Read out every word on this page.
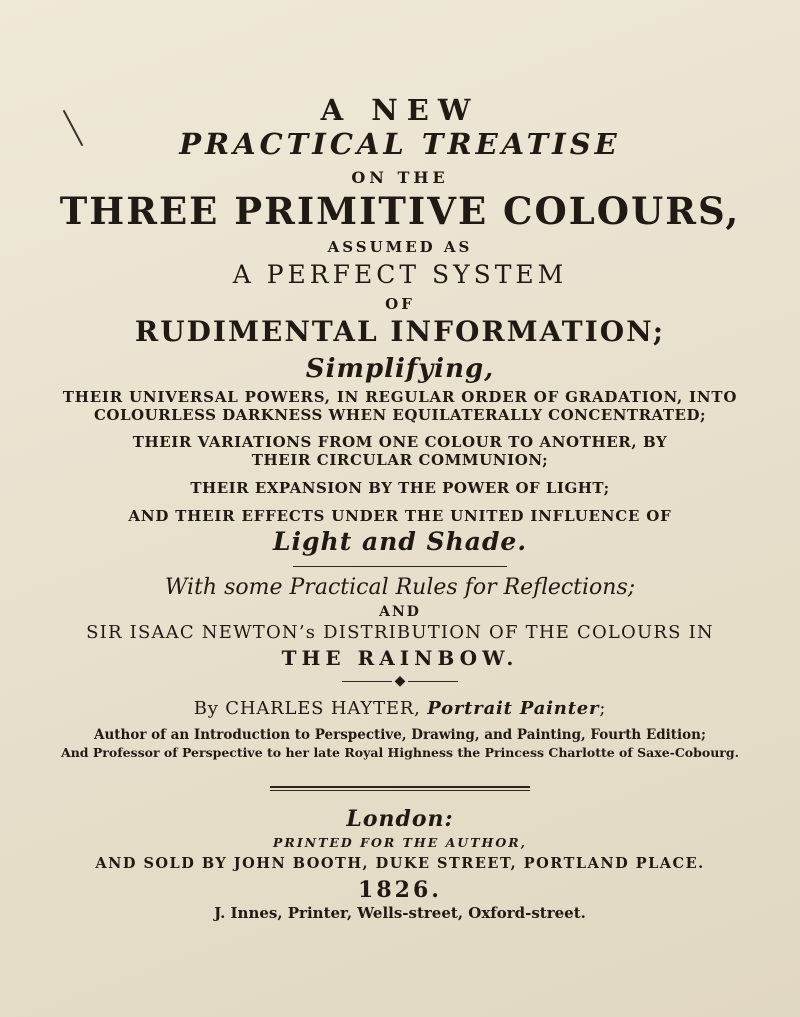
A NEW
PRACTICAL TREATISE
ON THE
THREE PRIMITIVE COLOURS,
ASSUMED AS
A PERFECT SYSTEM
OF
RUDIMENTAL INFORMATION;
Simplifying,
THEIR UNIVERSAL POWERS, IN REGULAR ORDER OF GRADATION, INTO
COLOURLESS DARKNESS WHEN EQUILATERALLY CONCENTRATED;
THEIR VARIATIONS FROM ONE COLOUR TO ANOTHER, BY
THEIR CIRCULAR COMMUNION;
THEIR EXPANSION BY THE POWER OF LIGHT;
AND THEIR EFFECTS UNDER THE UNITED INFLUENCE OF
Light and Shade.
With some Practical Rules for Reflections;
AND
SIR ISAAC NEWTON’s DISTRIBUTION OF THE COLOURS IN
THE RAINBOW.
◆
By CHARLES HAYTER, Portrait Painter;
Author of an Introduction to Perspective, Drawing, and Painting, Fourth Edition;
And Professor of Perspective to her late Royal Highness the Princess Charlotte of Saxe-Cobourg.
London:
PRINTED FOR THE AUTHOR,
AND SOLD BY JOHN BOOTH, DUKE STREET, PORTLAND PLACE.
1826.
J. Innes, Printer, Wells-street, Oxford-street.
